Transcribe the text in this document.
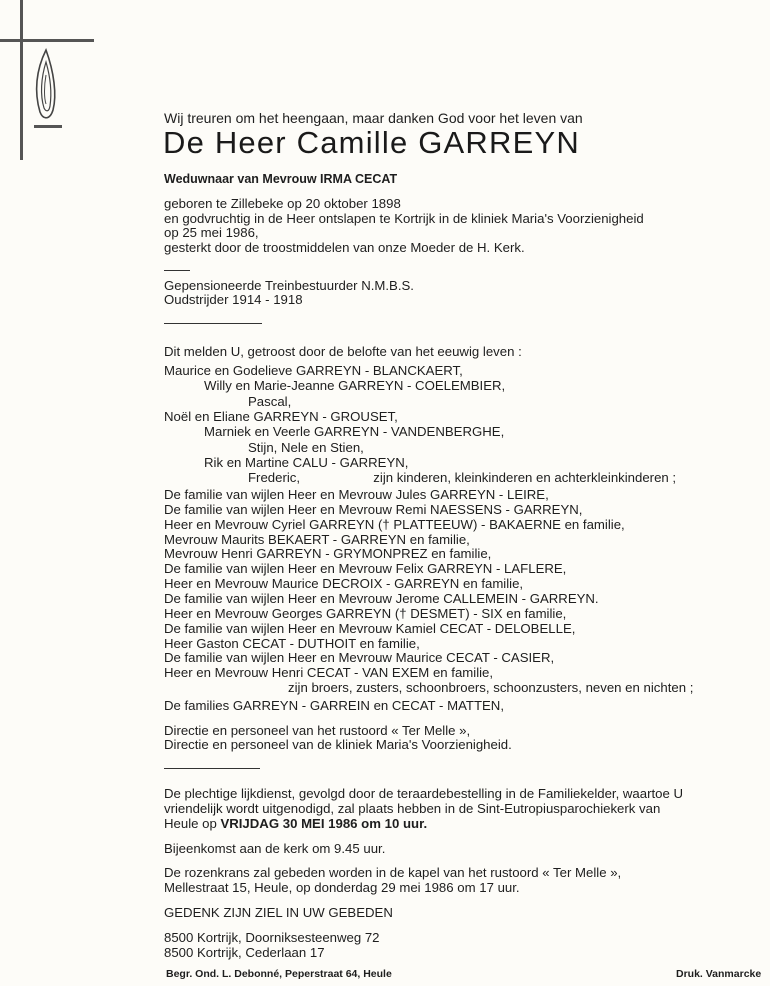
Wij treuren om het heengaan, maar danken God voor het leven van
De Heer Camille GARREYN
Weduwnaar van Mevrouw IRMA CECAT
geboren te Zillebeke op 20 oktober 1898
en godvruchtig in de Heer ontslapen te Kortrijk in de kliniek Maria's Voorzienigheid
op 25 mei 1986,
gesterkt door de troostmiddelen van onze Moeder de H. Kerk.
Gepensioneerde Treinbestuurder N.M.B.S.
Oudstrijder 1914 - 1918
Dit melden U, getroost door de belofte van het eeuwig leven :
Maurice en Godelieve GARREYN - BLANCKAERT,
Willy en Marie-Jeanne GARREYN - COELEMBIER,
Pascal,
Noël en Eliane GARREYN - GROUSET,
Marniek en Veerle GARREYN - VANDENBERGHE,
Stijn, Nele en Stien,
Rik en Martine CALU - GARREYN,
Frederic,                    zijn kinderen, kleinkinderen en achterkleinkinderen ;
De familie van wijlen Heer en Mevrouw Jules GARREYN - LEIRE,
De familie van wijlen Heer en Mevrouw Remi NAESSENS - GARREYN,
Heer en Mevrouw Cyriel GARREYN († PLATTEEUW) - BAKAERNE en familie,
Mevrouw Maurits BEKAERT - GARREYN en familie,
Mevrouw Henri GARREYN - GRYMONPREZ en familie,
De familie van wijlen Heer en Mevrouw Felix GARREYN - LAFLERE,
Heer en Mevrouw Maurice DECROIX - GARREYN en familie,
De familie van wijlen Heer en Mevrouw Jerome CALLEMEIN - GARREYN.
Heer en Mevrouw Georges GARREYN († DESMET) - SIX en familie,
De familie van wijlen Heer en Mevrouw Kamiel CECAT - DELOBELLE,
Heer Gaston CECAT - DUTHOIT en familie,
De familie van wijlen Heer en Mevrouw Maurice CECAT - CASIER,
Heer en Mevrouw Henri CECAT - VAN EXEM en familie,
zijn broers, zusters, schoonbroers, schoonzusters, neven en nichten ;
De families GARREYN - GARREIN en CECAT - MATTEN,
Directie en personeel van het rustoord « Ter Melle »,
Directie en personeel van de kliniek Maria's Voorzienigheid.
De plechtige lijkdienst, gevolgd door de teraardebestelling in de Familiekelder, waartoe U
vriendelijk wordt uitgenodigd, zal plaats hebben in de Sint-Eutropiusparochiekerk van
Heule op VRIJDAG 30 MEI 1986 om 10 uur.
Bijeenkomst aan de kerk om 9.45 uur.
De rozenkrans zal gebeden worden in de kapel van het rustoord « Ter Melle »,
Mellestraat 15, Heule, op donderdag 29 mei 1986 om 17 uur.
GEDENK ZIJN ZIEL IN UW GEBEDEN
8500 Kortrijk, Doorniksesteenweg 72
8500 Kortrijk, Cederlaan 17
Begr. Ond. L. Debonné, Peperstraat 64, Heule	Druk. Vanmarcke
